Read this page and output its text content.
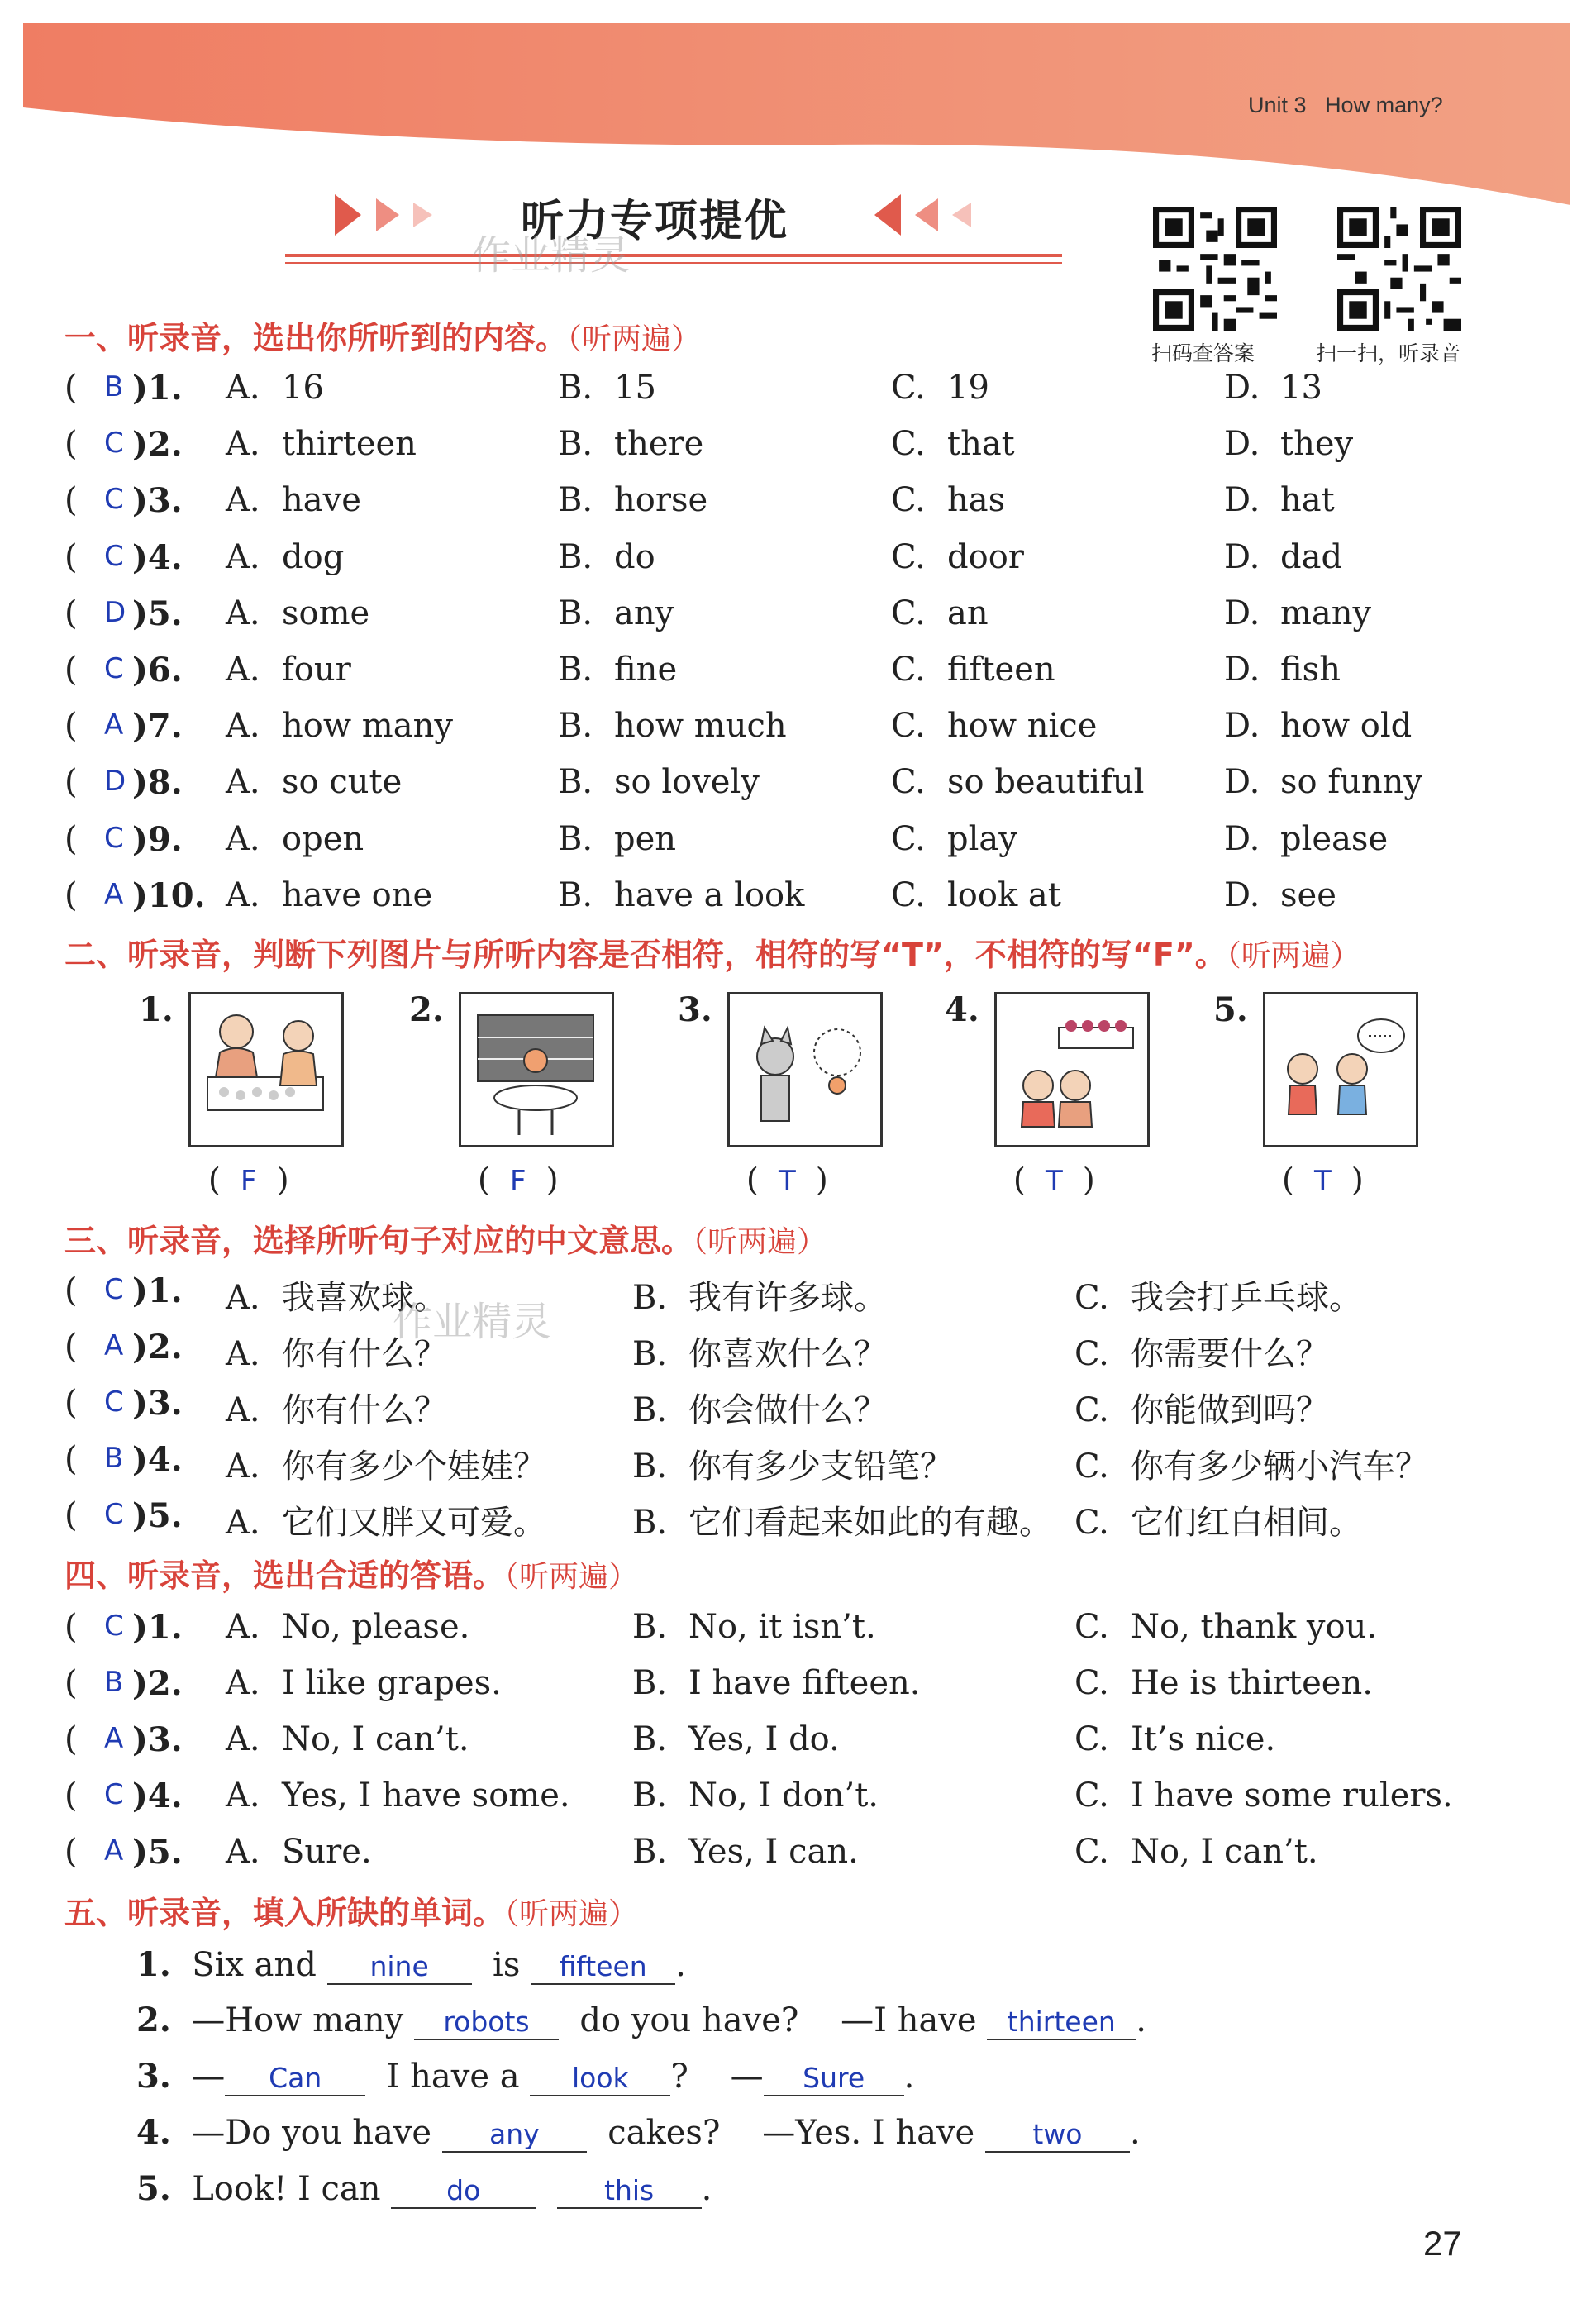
Unit 3 How many?
听力专项提优
作业精灵
扫码查答案	扫一扫，听录音
一、听录音，选出你所听到的内容。（听两遍）
( B )1. A. 16	B. 15	C. 19	D. 13
( C )2. A. thirteen	B. there	C. that	D. they
( C )3. A. have	B. horse	C. has	D. hat
( C )4. A. dog	B. do	C. door	D. dad
( D )5. A. some	B. any	C. an	D. many
( C )6. A. four	B. fine	C. fifteen	D. fish
( A )7. A. how many	B. how much	C. how nice	D. how old
( D )8. A. so cute	B. so lovely	C. so beautiful D. so funny
( C )9. A. open	B. pen	C. play	D. please
( A )10. A. have one	B. have a look	C. look at	D. see
二、听录音，判断下列图片与所听内容是否相符，相符的写“T”，不相符的写“F”。（听两遍）
1.
(  F  )
2.
(  F  )
3.
(  T  )
4.
(  T  )
5.
(  T  )
三、听录音，选择所听句子对应的中文意思。（听两遍）
( C )1. A. 我喜欢球。	B. 我有许多球。	C. 我会打乒乓球。
( A )2. A. 你有什么？	B. 你喜欢什么？	C. 你需要什么？
( C )3. A. 你有什么？	B. 你会做什么？	C. 你能做到吗？
( B )4. A. 你有多少个娃娃？	B. 你有多少支铅笔？	C. 你有多少辆小汽车？
( C )5. A. 它们又胖又可爱。	B. 它们看起来如此的有趣。 C. 它们红白相间。
作业精灵
四、听录音，选出合适的答语。（听两遍）
( C )1. A. No, please.	B. No, it isn’t.	C. No, thank you.
( B )2. A. I like grapes.	B. I have fifteen.	C. He is thirteen.
( A )3. A. No, I can’t.	B. Yes, I do.	C. It’s nice.
( C )4. A. Yes, I have some. B. No, I don’t.	C. I have some rulers.
( A )5. A. Sure.	B. Yes, I can.	C. No, I can’t.
五、听录音，填入所缺的单词。（听两遍）
1. Six and nine is fifteen .
2. —How many robots do you have? —I have thirteen .
3. — Can I have a look ? — Sure .
4. —Do you have any cakes? —Yes. I have two .
5. Look! I can do	this .
27
